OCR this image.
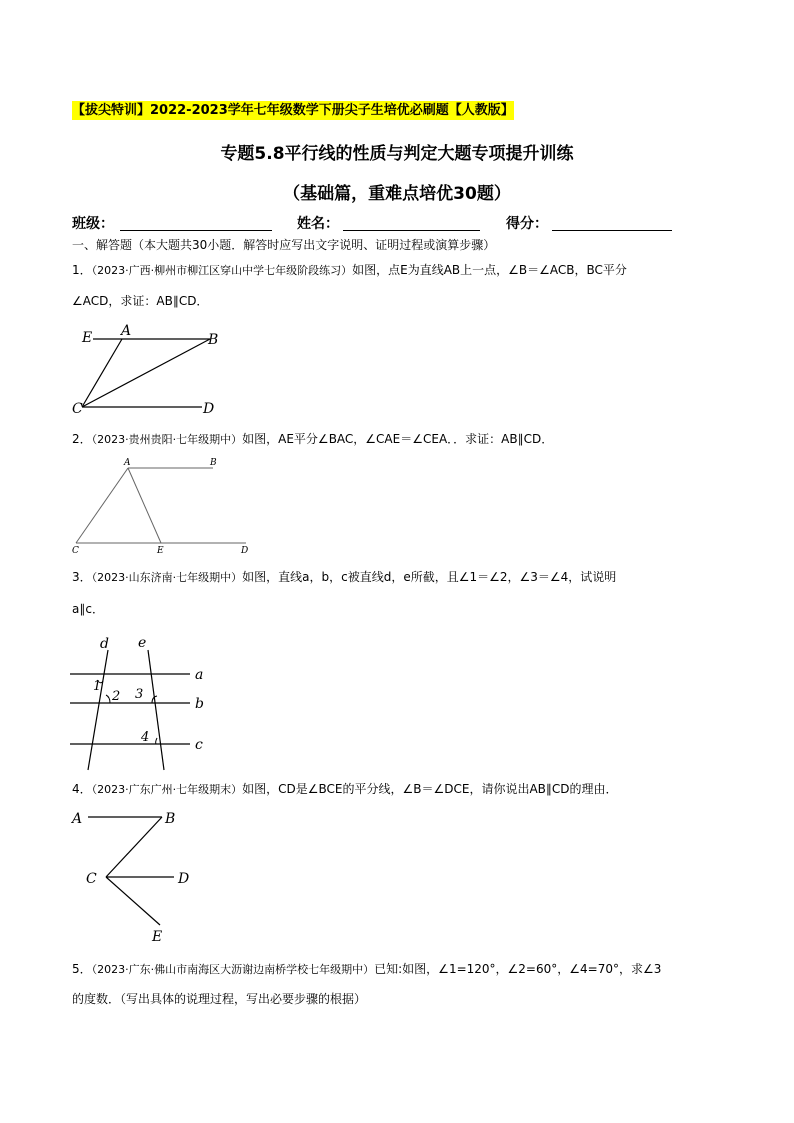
【拔尖特训】2022-2023学年七年级数学下册尖子生培优必刷题【人教版】
专题5.8平行线的性质与判定大题专项提升训练
（基础篇，重难点培优30题）
班级：	姓名：	得分：
一、解答题（本大题共30小题．解答时应写出文字说明、证明过程或演算步骤）
1．（2023·广西·柳州市柳江区穿山中学七年级阶段练习）如图，点E为直线AB上一点，∠B＝∠ACB，BC平分
∠ACD，求证：AB∥CD．
E A
B
C	D
2．（2023·贵州贵阳·七年级期中）如图，AE平分∠BAC，∠CAE＝∠CEA．．求证：AB∥CD．
A	B
C	E	D
3．（2023·山东济南·七年级期中）如图，直线a，b，c被直线d，e所截，且∠1＝∠2，∠3＝∠4，试说明
a∥c．
d e
a
b
c
1
2 3
4
4．（2023·广东广州·七年级期末）如图，CD是∠BCE的平分线，∠B＝∠DCE，请你说出AB∥CD的理由．
A	B
C	D
E
5．（2023·广东·佛山市南海区大沥谢边南桥学校七年级期中）已知:如图，∠1=120°，∠2=60°，∠4=70°，求∠3
的度数．（写出具体的说理过程，写出必要步骤的根据）
